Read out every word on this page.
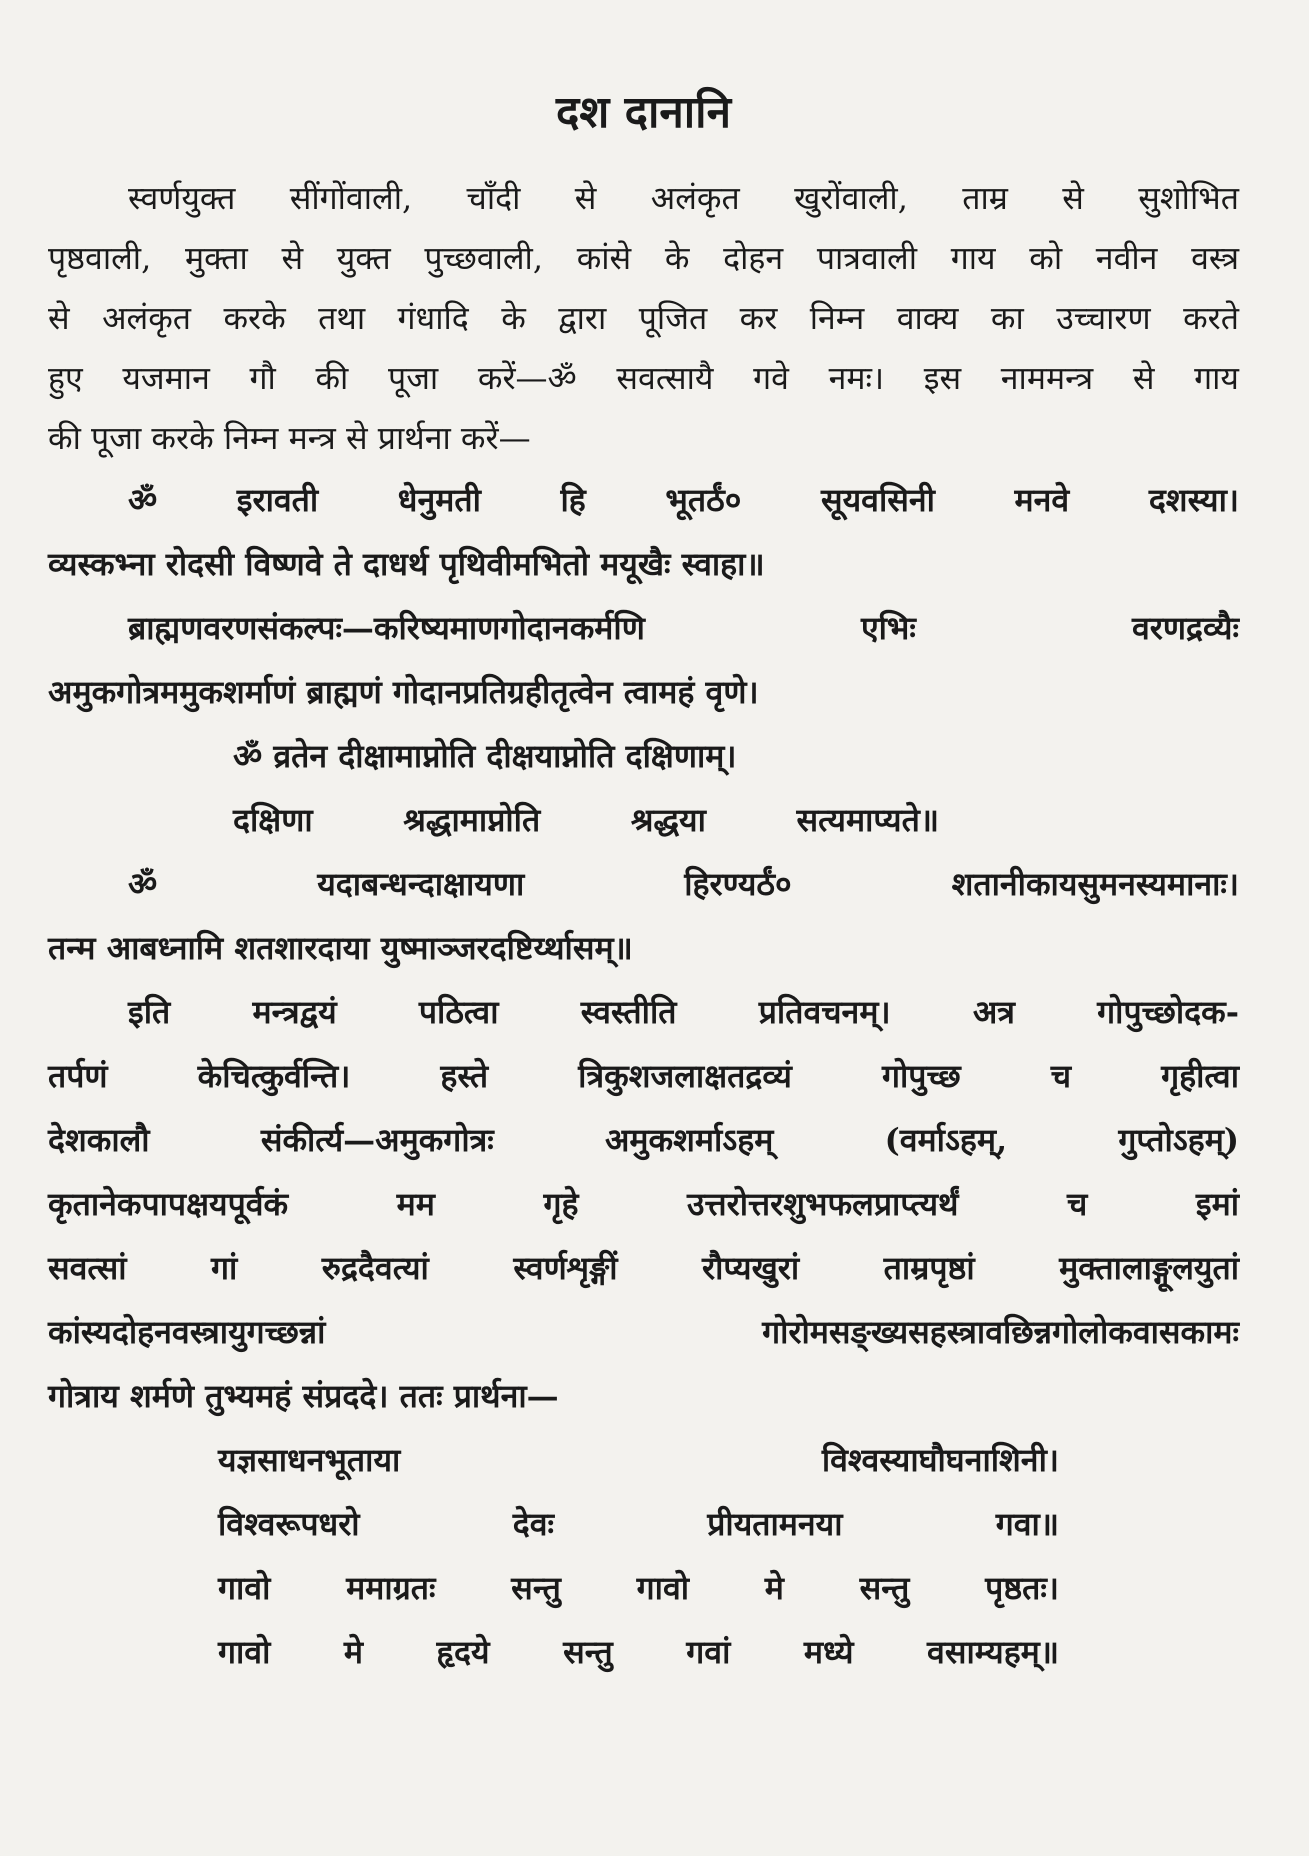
दश दानानि
स्वर्णयुक्त सींगोंवाली, चाँदी से अलंकृत खुरोंवाली, ताम्र से सुशोभित
पृष्ठवाली, मुक्ता से युक्त पुच्छवाली, कांसे के दोहन पात्रवाली गाय को नवीन वस्त्र
से अलंकृत करके तथा गंधादि के द्वारा पूजित कर निम्न वाक्य का उच्चारण करते
हुए यजमान गौ की पूजा करें—ॐ सवत्सायै गवे नमः। इस नाममन्त्र से गाय
की पूजा करके निम्न मन्त्र से प्रार्थना करें—
ॐ इरावती धेनुमती हि भूतर्ठं० सूयवसिनी मनवे दशस्या।
व्यस्कभ्ना रोदसी विष्णवे ते दाधर्थ पृथिवीमभितो मयूखैः स्वाहा॥
ब्राह्मणवरणसंकल्पः—करिष्यमाणगोदानकर्मणि एभिः वरणद्रव्यैः
अमुकगोत्रममुकशर्माणं ब्राह्मणं गोदानप्रतिग्रहीतृत्वेन त्वामहं वृणे।
ॐ व्रतेन दीक्षामाप्नोति दीक्षयाप्नोति दक्षिणाम्।
दक्षिणा श्रद्धामाप्नोति श्रद्धया सत्यमाप्यते॥
ॐ यदाबन्धन्दाक्षायणा हिरण्यर्ठं० शतानीकायसुमनस्यमानाः।
तन्म आबध्नामि शतशारदाया युष्माञ्जरदष्टिर्य्थासम्॥
इति मन्त्रद्वयं पठित्वा स्वस्तीति प्रतिवचनम्। अत्र गोपुच्छोदक-
तर्पणं केचित्कुर्वन्ति। हस्ते त्रिकुशजलाक्षतद्रव्यं गोपुच्छ च गृहीत्वा
देशकालौ संकीर्त्य—अमुकगोत्रः अमुकशर्माऽहम् (वर्माऽहम्, गुप्तोऽहम्)
कृतानेकपापक्षयपूर्वकं मम गृहे उत्तरोत्तरशुभफलप्राप्त्यर्थं च इमां
सवत्सां गां रुद्रदैवत्यां स्वर्णशृङ्गीं रौप्यखुरां ताम्रपृष्ठां मुक्तालाङ्गूलयुतां
कांस्यदोहनवस्त्रायुगच्छन्नां गोरोमसङ्ख्यसहस्त्रावछिन्नगोलोकवासकामः
गोत्राय शर्मणे तुभ्यमहं संप्रददे। ततः प्रार्थना—
यज्ञसाधनभूताया विश्वस्याघौघनाशिनी।
विश्वरूपधरो देवः प्रीयतामनया गवा॥
गावो ममाग्रतः सन्तु गावो मे सन्तु पृष्ठतः।
गावो मे हृदये सन्तु गवां मध्ये वसाम्यहम्॥
